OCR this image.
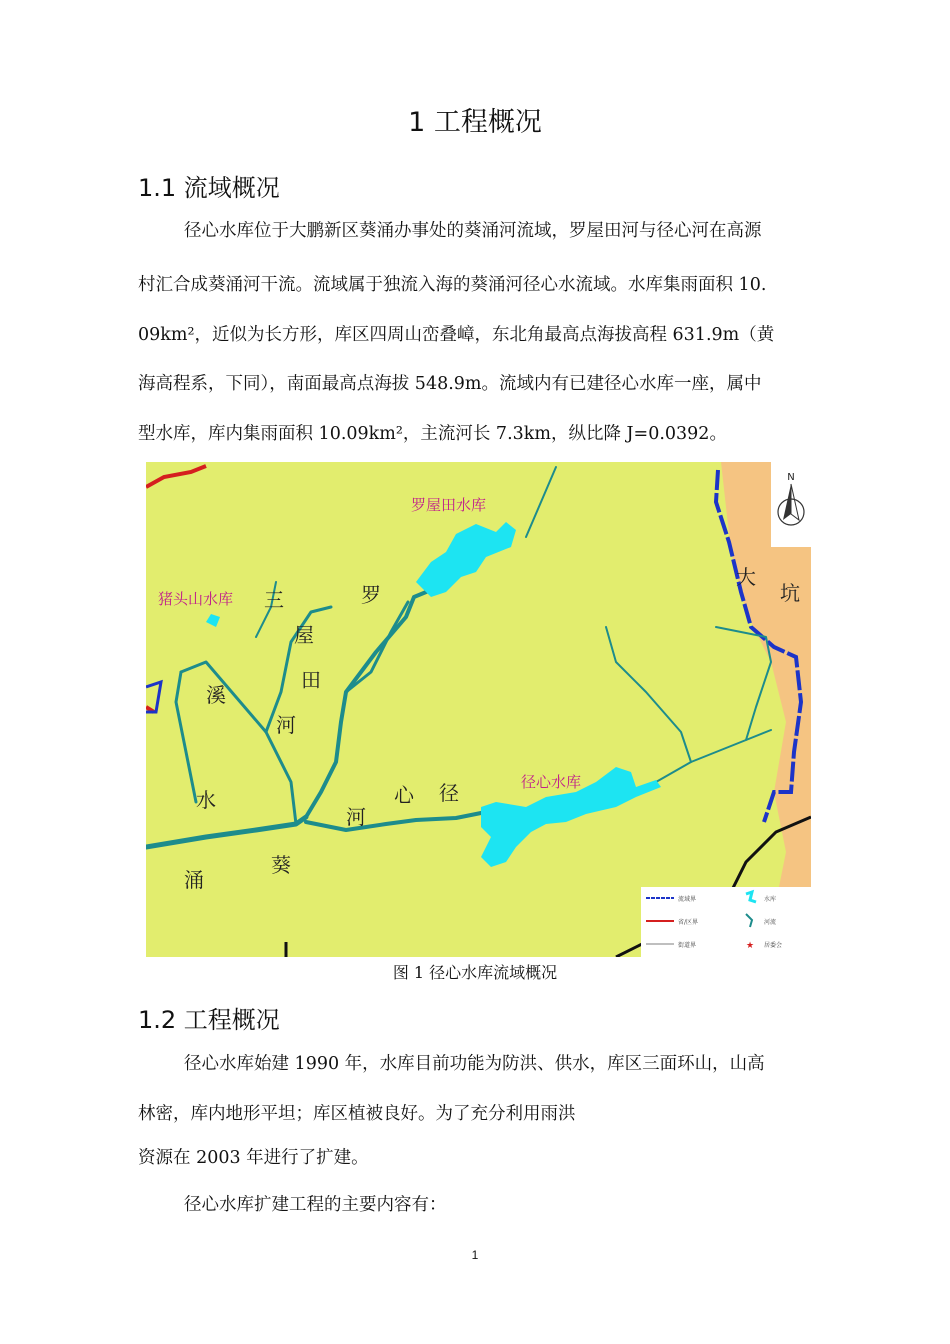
1 工程概况
1.1 流域概况
径心水库位于大鹏新区葵涌办事处的葵涌河流域，罗屋田河与径心河在高源
村汇合成葵涌河干流。流域属于独流入海的葵涌河径心水流域。水库集雨面积 10.
09km²，近似为长方形，库区四周山峦叠嶂，东北角最高点海拔高程 631.9m（黄
海高程系，下同），南面最高点海拔 548.9m。流域内有已建径心水库一座，属中
型水库，库内集雨面积 10.09km²，主流河长 7.3km，纵比降 J=0.0392。
N
罗屋田水库
猪头山水库
径心水库
三
溪
水
涌
葵
罗
屋
田
河
河
心 径
大
坑
流域界	水库
省/区界	河流
街道界	★ 居委会
图 1 径心水库流域概况
1.2 工程概况
径心水库始建 1990 年，水库目前功能为防洪、供水，库区三面环山，山高
林密，库内地形平坦；库区植被良好。为了充分利用雨洪
资源在 2003 年进行了扩建。
径心水库扩建工程的主要内容有：
1
